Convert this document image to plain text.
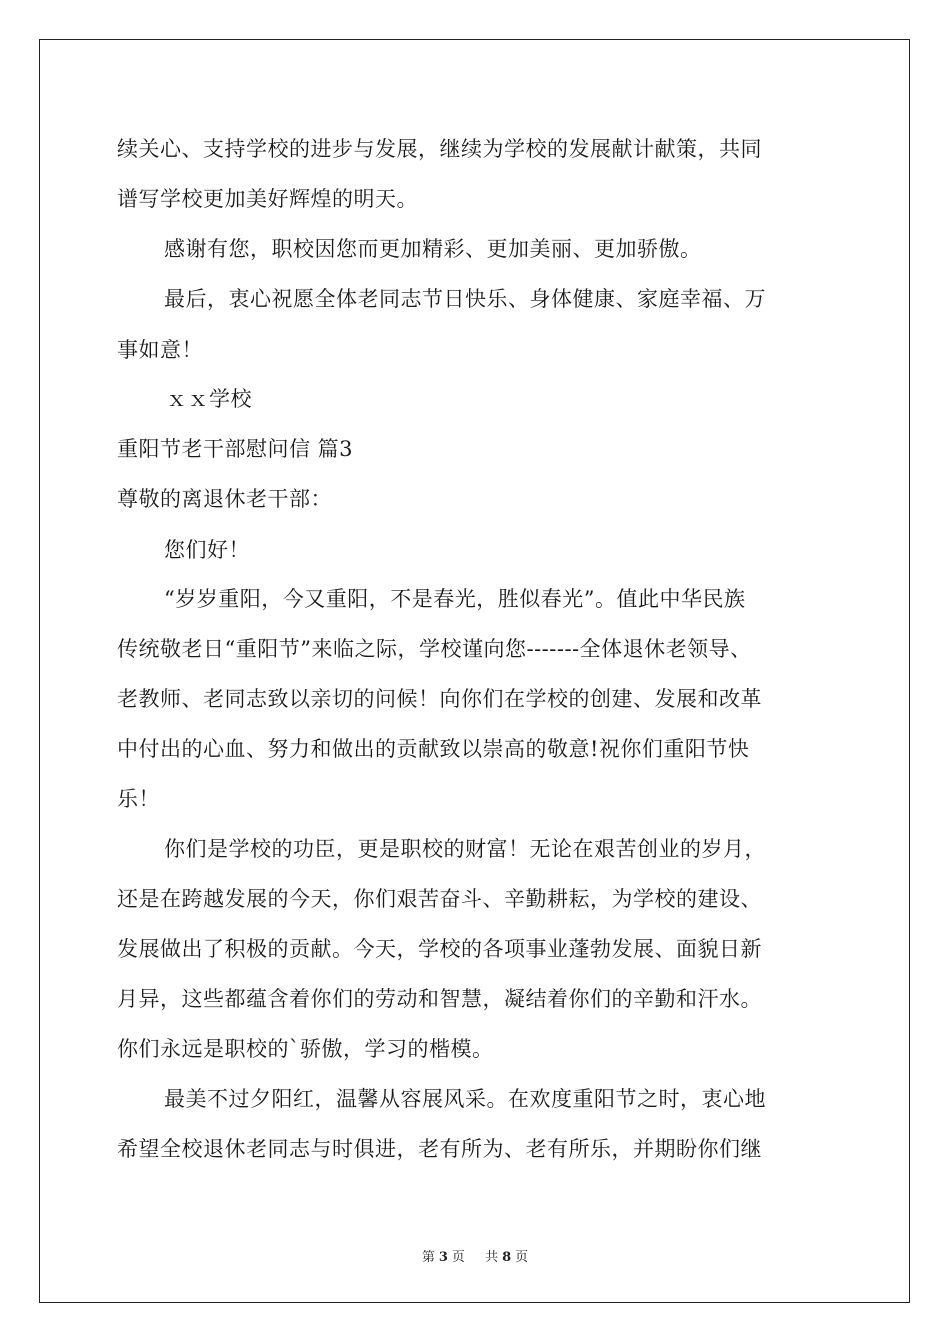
续关心、支持学校的进步与发展，继续为学校的发展献计献策，共同
谱写学校更加美好辉煌的明天。
感谢有您，职校因您而更加精彩、更加美丽、更加骄傲。
最后，衷心祝愿全体老同志节日快乐、身体健康、家庭幸福、万
事如意！
ｘｘ学校
重阳节老干部慰问信 篇3
尊敬的离退休老干部：
您们好！
“岁岁重阳，今又重阳，不是春光，胜似春光”。值此中华民族
传统敬老日“重阳节”来临之际，学校谨向您-------全体退休老领导、
老教师、老同志致以亲切的问候！向你们在学校的创建、发展和改革
中付出的心血、努力和做出的贡献致以崇高的敬意!祝你们重阳节快
乐！
你们是学校的功臣，更是职校的财富！无论在艰苦创业的岁月，
还是在跨越发展的今天，你们艰苦奋斗、辛勤耕耘，为学校的建设、
发展做出了积极的贡献。今天，学校的各项事业蓬勃发展、面貌日新
月异，这些都蕴含着你们的劳动和智慧，凝结着你们的辛勤和汗水。
你们永远是职校的`骄傲，学习的楷模。
最美不过夕阳红，温馨从容展风采。在欢度重阳节之时，衷心地
希望全校退休老同志与时俱进，老有所为、老有所乐，并期盼你们继
第 3 页 共 8 页
